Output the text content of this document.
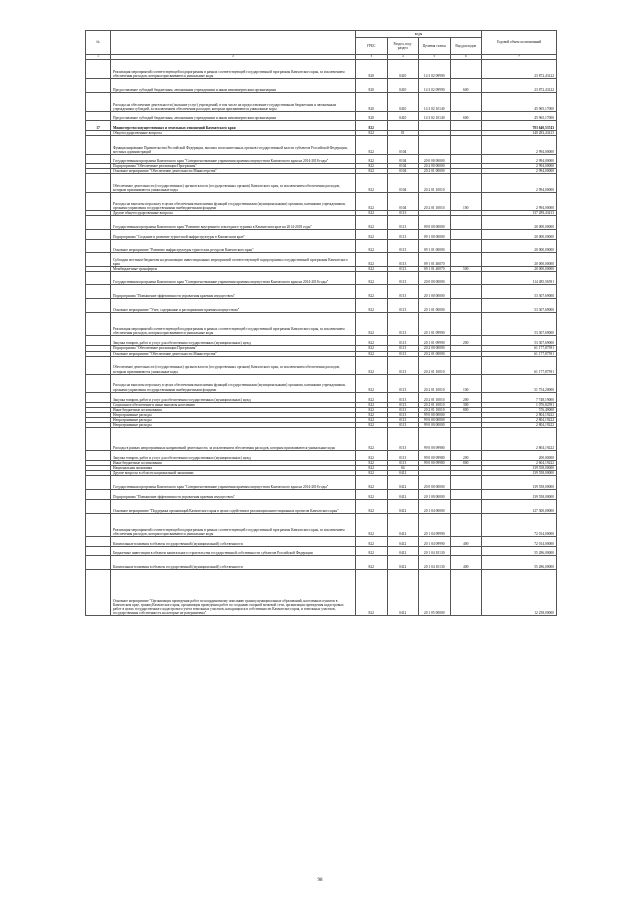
№		коды				Годовой объем ассигнований
		ГРБС	Раздел, под-раздел	Целевая статья	Вид расходов	
1	2	3	4	5	6	7
	Реализация мероприятий соответствующей подпрограммы в рамках соответствующей государственной программы Камчатского края, за исключением обеспечения расходов, которым присваиваются уникальные коды	820	0410	14 3 02 09990		23 872,43122
	Предоставление субсидий бюджетным, автономным учреждениям и иным некоммерческим организациям	820	0410	14 3 02 09990	600	23 872,43122
	Расходы на обеспечение деятельности (оказание услуг) учреждений, в том числе на предоставление государственным бюджетным и автономным учреждениям субсидий, за исключением обеспечения расходов, которым присваиваются уникальные коды	820	0410	14 3 02 10140		45 965,17000
	Предоставление субсидий бюджетным, автономным учреждениям и иным некоммерческим организациям	820	0410	14 3 02 10140	600	45 965,17000
17	Министерство имущественных и земельных отношений Камчатского края	822				783 640,53743
	Общегосударственные вопросы	822	01			140 283,43413
	Функционирование Правительства Российской Федерации, высших исполнительных органов государственной власти субъектов Российской Федерации, местных администраций	822	0104			2 994,00000
	Государственная программа Камчатского края "Совершенствование управления краевым имуществом Камчатского края на 2014-2018 годы"	822	0104	20 0 00 00000		2 994,00000
	Подпрограмма "Обеспечение реализации Программы"	822	0104	20 2 00 00000		2 994,00000
	Основное мероприятие "Обеспечение деятельности Министерства"	822	0104	20 2 01 00000		2 994,00000
	Обеспечение деятельности (государственных) органов власти (государственных органов) Камчатского края, за исключением обеспечения расходов, которым присваиваются уникальные коды	822	0104	20 2 01 10010		2 994,00000
	Расходы на выплаты персоналу в целях обеспечения выполнения функций государственными (муниципальными) органами, казенными учреждениями, органами управления государственными внебюджетными фондами	822	0104	20 2 01 10010	100	2 994,00000
	Другие общегосударственные вопросы	822	0113			137 289,43413
	Государственная программа Камчатского края "Развитие внутреннего и въездного туризма в Камчатском крае на 2014-2018 годы"	822	0113	09 0 00 00000		20 000,00000
	Подпрограмма "Создание и развитие туристской инфраструктуры в Камчатском крае"	822	0113	09 1 00 00000		20 000,00000
	Основное мероприятие "Развитие инфраструктуры туристских ресурсов Камчатского края"	822	0113	09 1 01 00000		20 000,00000
	Субсидии местным бюджетам на реализацию инвестиционных мероприятий соответствующей подпрограммы государственной программы Камчатского края	822	0113	09 1 01 40070		20 000,00000
	Межбюджетные трансферты	822	0113	09 1 01 40070	500	20 000,00000
	Государственная программа Камчатского края "Совершенствование управления краевым имуществом Камчатского края на 2014-2018 годы"	822	0113	20 0 00 00000		114 485,56591
	Подпрограмма "Повышение эффективности управления краевым имуществом"	822	0113	20 1 00 00000		53 307,69000
	Основное мероприятие "Учет, содержание и распоряжение краевым имуществом"	822	0113	20 1 01 00000		53 307,69000
	Реализация мероприятий соответствующей подпрограммы в рамках соответствующей государственной программы Камчатского края, за исключением обеспечения расходов, которым присваиваются уникальные коды	822	0113	20 1 01 09990		53 307,69000
	Закупка товаров, работ и услуг для обеспечения государственных (муниципальных) нужд	822	0113	20 1 01 09990	200	53 307,69000
	Подпрограмма "Обеспечение реализации Программы"	822	0113	20 2 00 00000		61 177,87591
	Основное мероприятие "Обеспечение деятельности Министерства"	822	0113	20 2 01 00000		61 177,87591
	Обеспечение деятельности (государственных) органов власти (государственных органов) Камчатского края, за исключением обеспечения расходов, которым присваиваются уникальные коды	822	0113	20 2 01 10010		61 177,87591
	Расходы на выплаты персоналу в целях обеспечения выполнения функций государственными (муниципальными) органами, казенными учреждениями, органами управления государственными внебюджетными фондами	822	0113	20 2 01 10010	100	51 754,20000
	Закупка товаров, работ и услуг для обеспечения государственных (муниципальных) нужд	822	0113	20 2 01 10010	200	7 748,19000
	Социальное обеспечение и иные выплаты населению	822	0113	20 2 01 10010	300	1 076,82591
	Иные бюджетные ассигнования	822	0113	20 2 01 10010	800	576,49000
	Непрограммные расходы	822	0113	99 0 00 00000		2 804,19222
	Непрограммные расходы	822	0113	99 0 00 00000		2 804,19222
	Непрограммные расходы	822	0113	99 0 00 00000		2 804,19222
	Расходы в рамках непрограммных направлений деятельности, за исключением обеспечения расходов, которым присваиваются уникальные коды	822	0113	99 0 00 09980		2 804,19222
	Закупка товаров, работ и услуг для обеспечения государственных (муниципальных) нужд	822	0113	99 0 00 09980	200	200,00000
	Иные бюджетные ассигнования	822	0113	99 0 00 09980	800	2 604,19222
	Национальная экономика	822	04			139 558,00000
	Другие вопросы в области национальной экономики	822	0412			139 558,00000
	Государственная программа Камчатского края "Совершенствование управления краевым имуществом Камчатского края на 2014-2018 годы"	822	0412	20 0 00 00000		139 558,00000
	Подпрограмма "Повышение эффективности управления краевым имуществом"	822	0412	20 1 00 00000		139 558,00000
	Основное мероприятие "Поддержка организаций Камчатского края в целях содействия в реализации инвестиционных проектов Камчатского края"	822	0412	20 1 04 00000		127 300,00000
	Реализация мероприятий соответствующей подпрограммы в рамках соответствующей государственной программы Камчатского края, за исключением обеспечения расходов, которым присваиваются уникальные коды	822	0412	20 1 04 09990		72 014,00000
	Капитальные вложения в объекты государственной (муниципальной) собственности	822	0412	20 1 04 09990	400	72 014,00000
	Бюджетные инвестиции в объекты капитального строительства государственной собственности субъектов Российской Федерации	822	0412	20 1 04 10130		55 286,00000
	Капитальные вложения в объекты государственной (муниципальной) собственности	822	0412	20 1 04 10130	400	55 286,00000
	Основное мероприятие "Организация проведения работ по координатному описанию границ муниципальных образований, населенных пунктов в Камчатском крае, границ Камчатского края, организация проведения работ по созданию опорной межевой сети, организация проведения кадастровых работ в целях государственного кадастрового учета земельных участков, находящихся в собственности Камчатского края, и земельных участков, государственная собственность на которые не разграничена"	822	0412	20 1 05 00000		12 258,00000
98
